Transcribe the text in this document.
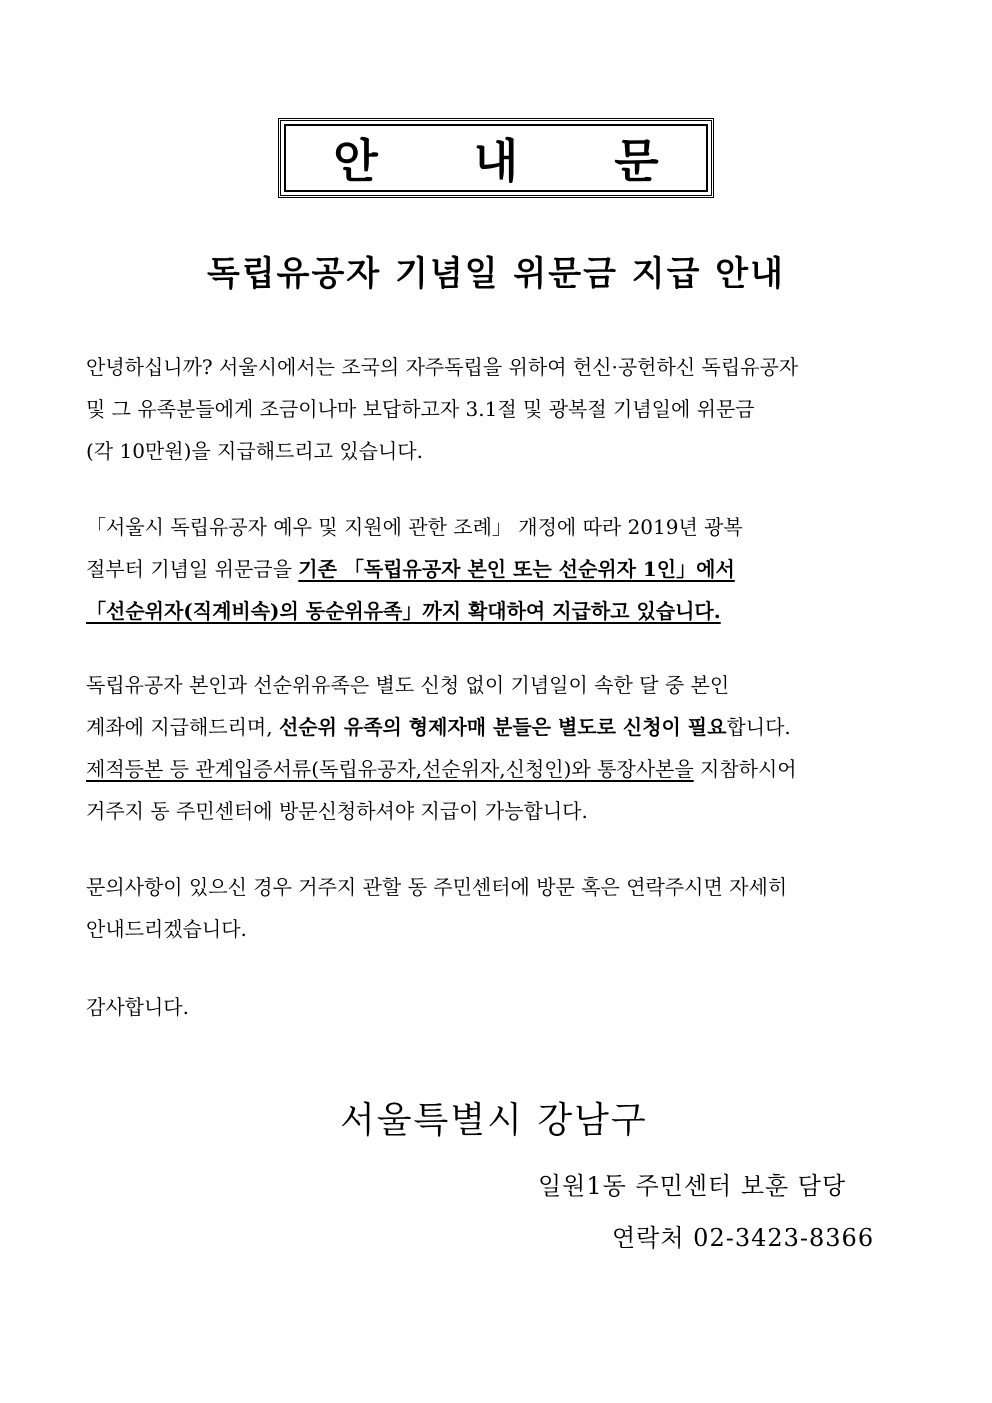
안 내 문
독립유공자 기념일 위문금 지급 안내
안녕하십니까? 서울시에서는 조국의 자주독립을 위하여 헌신·공헌하신 독립유공자
및 그 유족분들에게 조금이나마 보답하고자 3.1절 및 광복절 기념일에 위문금
(각 10만원)을 지급해드리고 있습니다.
「서울시 독립유공자 예우 및 지원에 관한 조례」 개정에 따라 2019년 광복
절부터 기념일 위문금을 기존 「독립유공자 본인 또는 선순위자 1인」에서
「선순위자(직계비속)의 동순위유족」까지 확대하여 지급하고 있습니다.
독립유공자 본인과 선순위유족은 별도 신청 없이 기념일이 속한 달 중 본인
계좌에 지급해드리며, 선순위 유족의 형제자매 분들은 별도로 신청이 필요합니다.
제적등본 등 관계입증서류(독립유공자,선순위자,신청인)와 통장사본을 지참하시어
거주지 동 주민센터에 방문신청하셔야 지급이 가능합니다.
문의사항이 있으신 경우 거주지 관할 동 주민센터에 방문 혹은 연락주시면 자세히
안내드리겠습니다.
감사합니다.
서울특별시 강남구
일원1동 주민센터 보훈 담당
연락처 02-3423-8366
